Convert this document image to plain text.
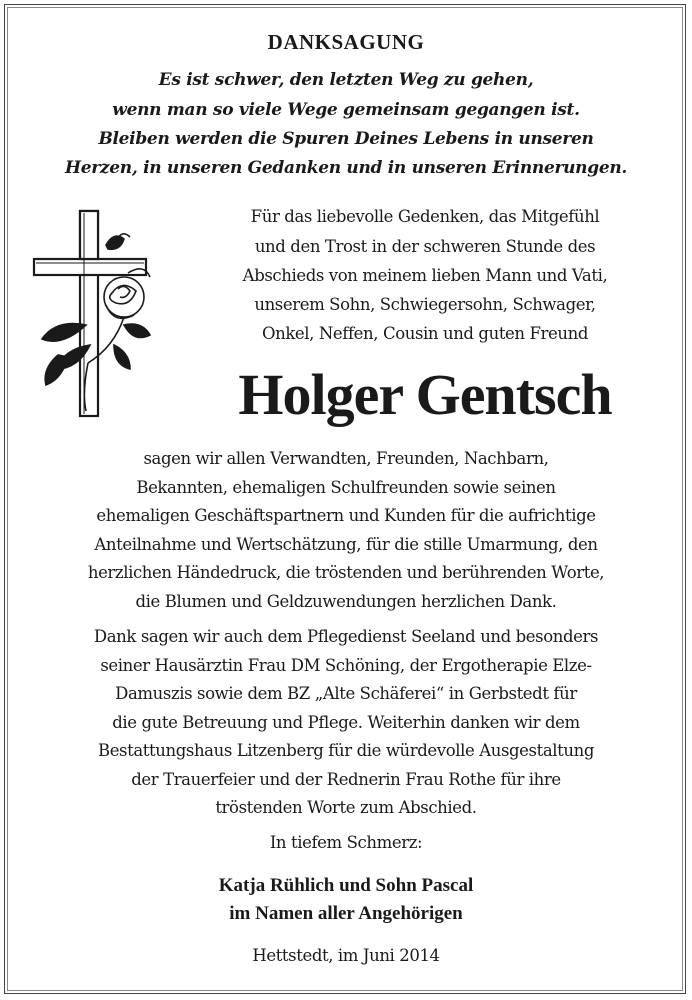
DANKSAGUNG
Es ist schwer, den letzten Weg zu gehen,
wenn man so viele Wege gemeinsam gegangen ist.
Bleiben werden die Spuren Deines Lebens in unseren
Herzen, in unseren Gedanken und in unseren Erinnerungen.
Für das liebevolle Gedenken, das Mitgefühl
und den Trost in der schweren Stunde des
Abschieds von meinem lieben Mann und Vati,
unserem Sohn, Schwiegersohn, Schwager,
Onkel, Neffen, Cousin und guten Freund
Holger Gentsch
sagen wir allen Verwandten, Freunden, Nachbarn,
Bekannten, ehemaligen Schulfreunden sowie seinen
ehemaligen Geschäftspartnern und Kunden für die aufrichtige
Anteilnahme und Wertschätzung, für die stille Umarmung, den
herzlichen Händedruck, die tröstenden und berührenden Worte,
die Blumen und Geldzuwendungen herzlichen Dank.
Dank sagen wir auch dem Pflegedienst Seeland und besonders
seiner Hausärztin Frau DM Schöning, der Ergotherapie Elze-
Damuszis sowie dem BZ „Alte Schäferei“ in Gerbstedt für
die gute Betreuung und Pflege. Weiterhin danken wir dem
Bestattungshaus Litzenberg für die würdevolle Ausgestaltung
der Trauerfeier und der Rednerin Frau Rothe für ihre
tröstenden Worte zum Abschied.
In tiefem Schmerz:
Katja Rühlich und Sohn Pascal
im Namen aller Angehörigen
Hettstedt, im Juni 2014
